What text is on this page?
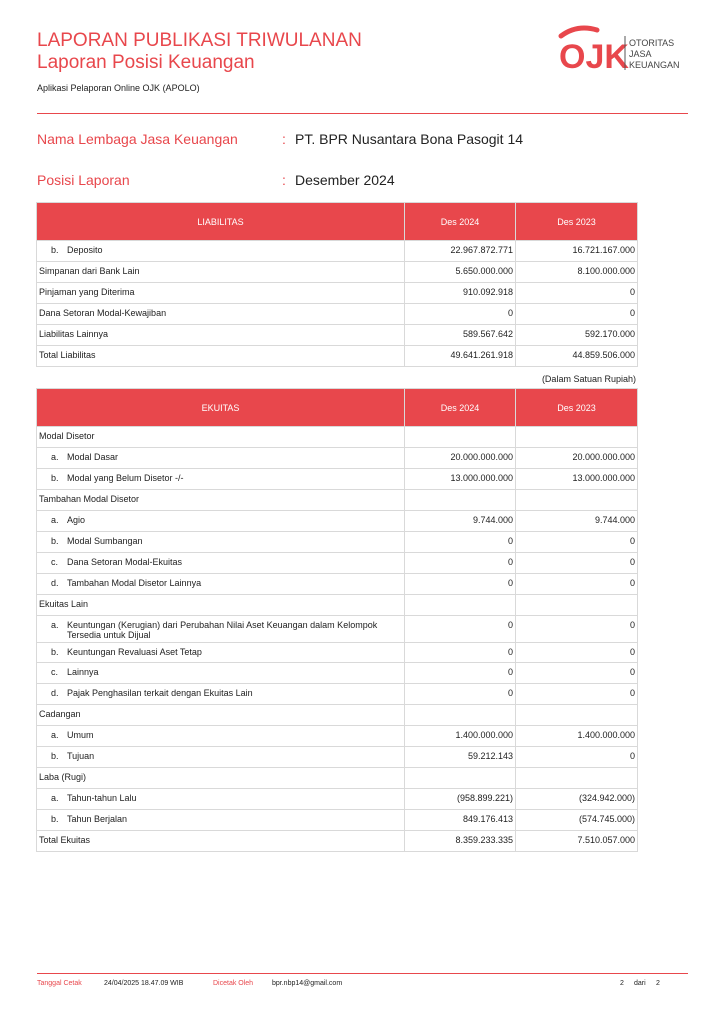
LAPORAN PUBLIKASI TRIWULANAN
Laporan Posisi Keuangan
Aplikasi Pelaporan Online OJK (APOLO)
OJK OTORITAS
JASA
KEUANGAN
Nama Lembaga Jasa Keuangan	: PT. BPR Nusantara Bona Pasogit 14
Posisi Laporan	: Desember 2024
LIABILITAS	Des 2024	Des 2023

b. Deposito	22.967.872.771	16.721.167.000
Simpanan dari Bank Lain	5.650.000.000	8.100.000.000
Pinjaman yang Diterima	910.092.918	0
Dana Setoran Modal-Kewajiban	0	0
Liabilitas Lainnya	589.567.642	592.170.000
Total Liabilitas	49.641.261.918	44.859.506.000
(Dalam Satuan Rupiah)
EKUITAS	Des 2024	Des 2023
Modal Disetor		

a. Modal Dasar	20.000.000.000	20.000.000.000

b. Modal yang Belum Disetor -/-	13.000.000.000	13.000.000.000
Tambahan Modal Disetor		

a. Agio	9.744.000	9.744.000

b. Modal Sumbangan	0	0

c. Dana Setoran Modal-Ekuitas	0	0

d. Tambahan Modal Disetor Lainnya	0	0
Ekuitas Lain		

a. Keuntungan (Kerugian) dari Perubahan Nilai Aset Keuangan dalam Kelompok Tersedia untuk Dijual	0	0

b. Keuntungan Revaluasi Aset Tetap	0	0

c. Lainnya	0	0

d. Pajak Penghasilan terkait dengan Ekuitas Lain	0	0
Cadangan		

a. Umum	1.400.000.000	1.400.000.000

b. Tujuan	59.212.143	0
Laba (Rugi)		

a. Tahun-tahun Lalu	(958.899.221)	(324.942.000)

b. Tahun Berjalan	849.176.413	(574.745.000)
Total Ekuitas	8.359.233.335	7.510.057.000
Tanggal Cetak	24/04/2025 18.47.09 WIB	Dicetak Oleh	bpr.nbp14@gmail.com	2 dari 2
